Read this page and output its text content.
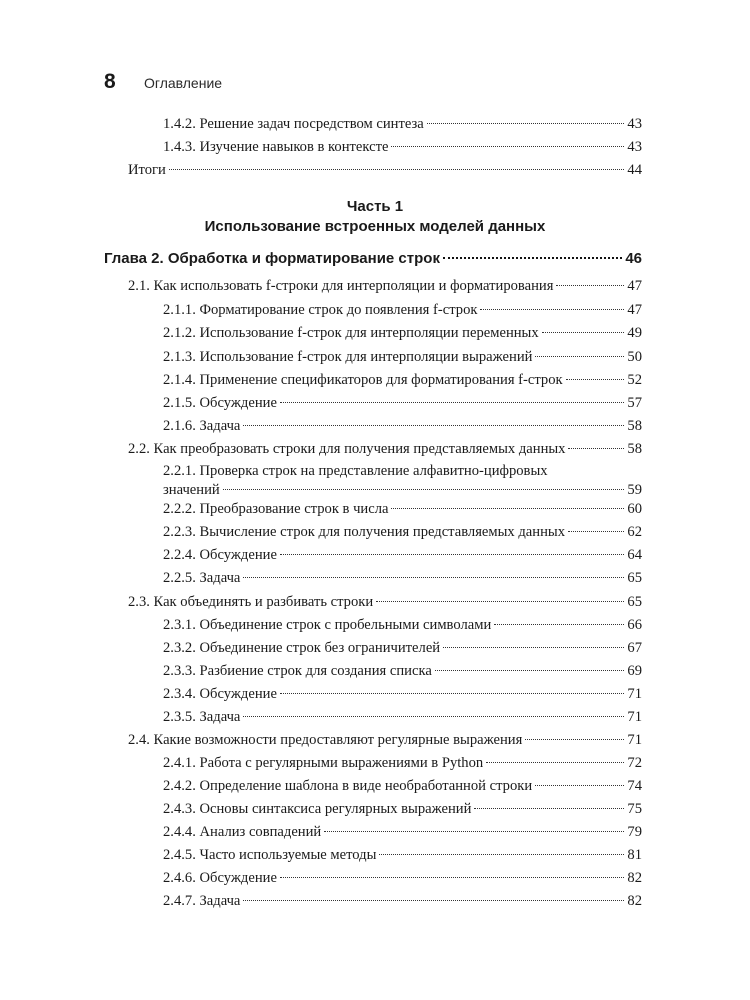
8	Оглавление
1.4.2. Решение задач посредством синтеза	43
1.4.3. Изучение навыков в контексте	43
Итоги	44
Часть 1
Использование встроенных моделей данных
Глава 2. Обработка и форматирование строк	46
2.1. Как использовать f-строки для интерполяции и форматирования	47
2.1.1. Форматирование строк до появления f-строк	47
2.1.2. Использование f-строк для интерполяции переменных	49
2.1.3. Использование f-строк для интерполяции выражений	50
2.1.4. Применение спецификаторов для форматирования f-строк	52
2.1.5. Обсуждение	57
2.1.6. Задача	58
2.2. Как преобразовать строки для получения представляемых данных	58
2.2.1. Проверка строк на представление алфавитно-цифровых
значений	59
2.2.2. Преобразование строк в числа	60
2.2.3. Вычисление строк для получения представляемых данных	62
2.2.4. Обсуждение	64
2.2.5. Задача	65
2.3. Как объединять и разбивать строки	65
2.3.1. Объединение строк с пробельными символами	66
2.3.2. Объединение строк без ограничителей	67
2.3.3. Разбиение строк для создания списка	69
2.3.4. Обсуждение	71
2.3.5. Задача	71
2.4. Какие возможности предоставляют регулярные выражения	71
2.4.1. Работа с регулярными выражениями в Python	72
2.4.2. Определение шаблона в виде необработанной строки	74
2.4.3. Основы синтаксиса регулярных выражений	75
2.4.4. Анализ совпадений	79
2.4.5. Часто используемые методы	81
2.4.6. Обсуждение	82
2.4.7. Задача	82
